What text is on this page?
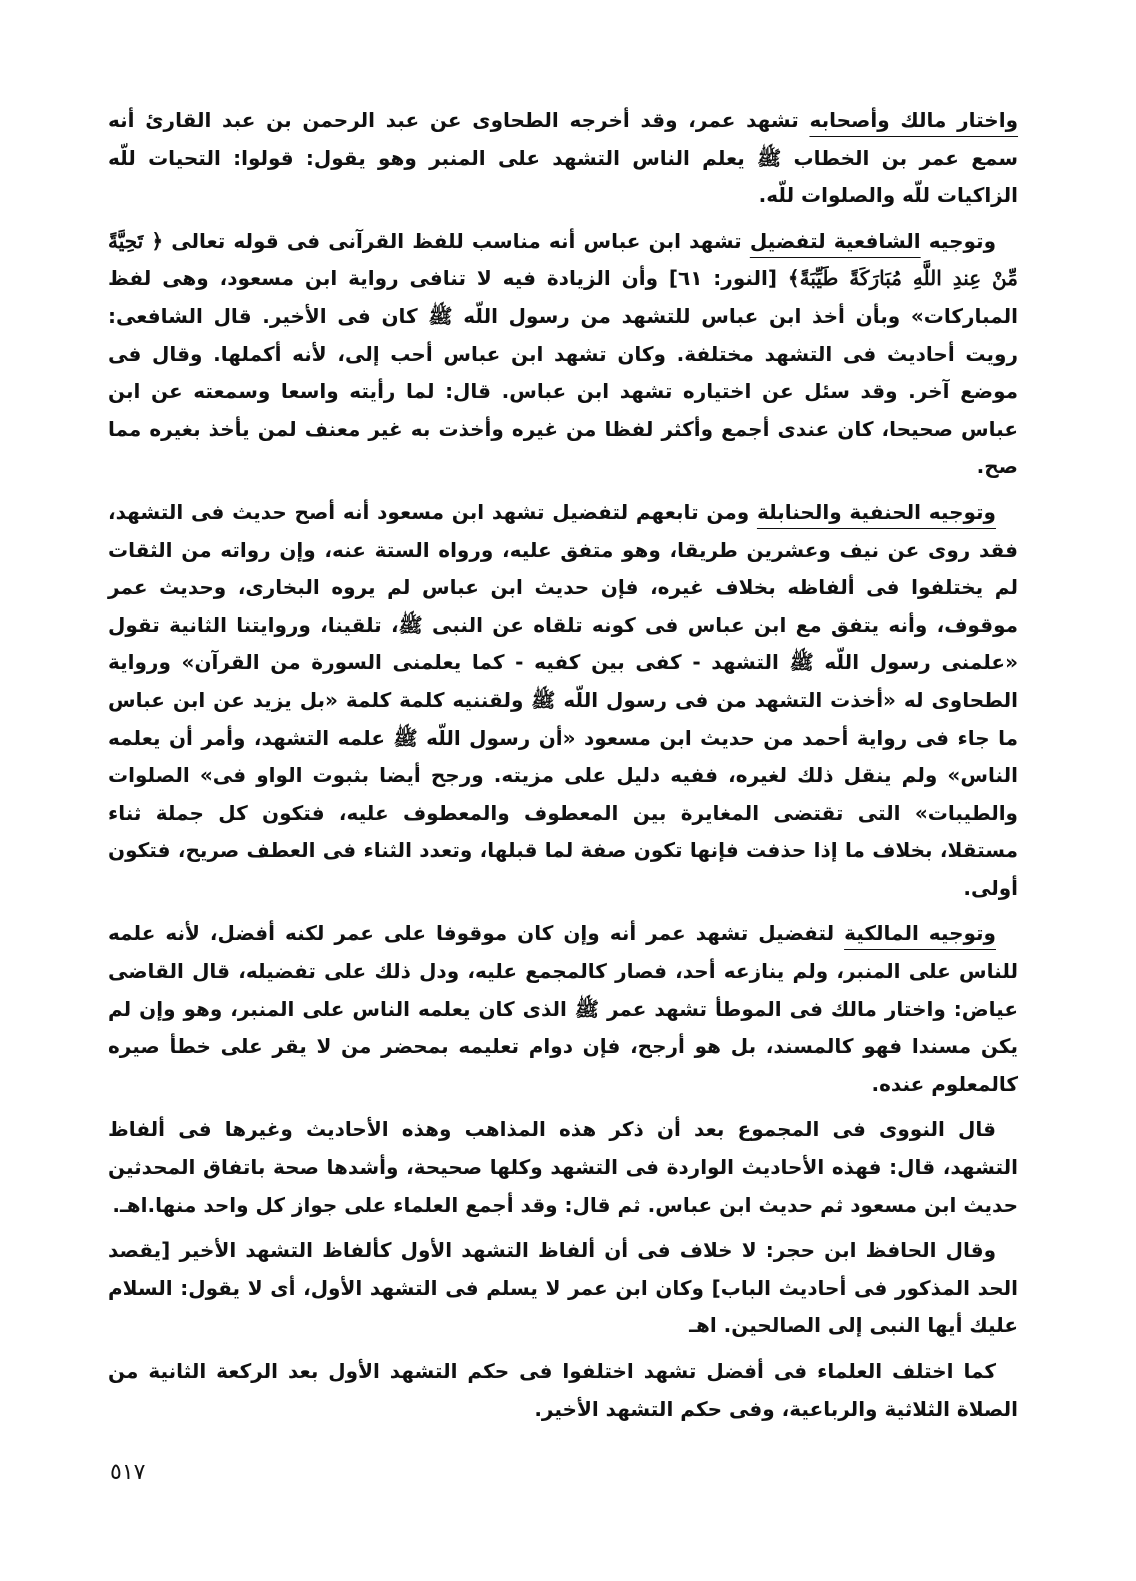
واختار مالك وأصحابه تشهد عمر، وقد أخرجه الطحاوى عن عبد الرحمن بن عبد القارئ أنه سمع عمر بن الخطاب ﷺ يعلم الناس التشهد على المنبر وهو يقول: قولوا: التحيات للّه الزاكيات للّه والصلوات للّه.

وتوجيه الشافعية لتفضيل تشهد ابن عباس أنه مناسب للفظ القرآنى فى قوله تعالى ﴿ تَحِيَّةً مِّنْ عِندِ اللَّهِ مُبَارَكَةً طَيِّبَةً﴾ [النور: ٦١] وأن الزيادة فيه لا تنافى رواية ابن مسعود، وهى لفظ المباركات» وبأن أخذ ابن عباس للتشهد من رسول اللّه ﷺ كان فى الأخير. قال الشافعى: رويت أحاديث فى التشهد مختلفة. وكان تشهد ابن عباس أحب إلى، لأنه أكملها. وقال فى موضع آخر. وقد سئل عن اختياره تشهد ابن عباس. قال: لما رأيته واسعا وسمعته عن ابن عباس صحيحا، كان عندى أجمع وأكثر لفظا من غيره وأخذت به غير معنف لمن يأخذ بغيره مما صح.

وتوجيه الحنفية والحنابلة ومن تابعهم لتفضيل تشهد ابن مسعود أنه أصح حديث فى التشهد، فقد روى عن نيف وعشرين طريقا، وهو متفق عليه، ورواه الستة عنه، وإن رواته من الثقات لم يختلفوا فى ألفاظه بخلاف غيره، فإن حديث ابن عباس لم يروه البخارى، وحديث عمر موقوف، وأنه يتفق مع ابن عباس فى كونه تلقاه عن النبى ﷺ، تلقينا، وروايتنا الثانية تقول «علمنى رسول اللّه ﷺ التشهد - كفى بين كفيه - كما يعلمنى السورة من القرآن» ورواية الطحاوى له «أخذت التشهد من فى رسول اللّه ﷺ ولقننيه كلمة كلمة «بل يزيد عن ابن عباس ما جاء فى رواية أحمد من حديث ابن مسعود «أن رسول اللّه ﷺ علمه التشهد، وأمر أن يعلمه الناس» ولم ينقل ذلك لغيره، ففيه دليل على مزيته. ورجح أيضا بثبوت الواو فى» الصلوات والطيبات» التى تقتضى المغايرة بين المعطوف والمعطوف عليه، فتكون كل جملة ثناء مستقلا، بخلاف ما إذا حذفت فإنها تكون صفة لما قبلها، وتعدد الثناء فى العطف صريح، فتكون أولى.

وتوجيه المالكية لتفضيل تشهد عمر أنه وإن كان موقوفا على عمر لكنه أفضل، لأنه علمه للناس على المنبر، ولم ينازعه أحد، فصار كالمجمع عليه، ودل ذلك على تفضيله، قال القاضى عياض: واختار مالك فى الموطأ تشهد عمر ﷺ الذى كان يعلمه الناس على المنبر، وهو وإن لم يكن مسندا فهو كالمسند، بل هو أرجح، فإن دوام تعليمه بمحضر من لا يقر على خطأ صيره كالمعلوم عنده.

قال النووى فى المجموع بعد أن ذكر هذه المذاهب وهذه الأحاديث وغيرها فى ألفاظ التشهد، قال: فهذه الأحاديث الواردة فى التشهد وكلها صحيحة، وأشدها صحة باتفاق المحدثين حديث ابن مسعود ثم حديث ابن عباس. ثم قال: وقد أجمع العلماء على جواز كل واحد منها.اهـ.

وقال الحافظ ابن حجر: لا خلاف فى أن ألفاظ التشهد الأول كألفاظ التشهد الأخير [يقصد الحد المذكور فى أحاديث الباب] وكان ابن عمر لا يسلم فى التشهد الأول، أى لا يقول: السلام عليك أيها النبى إلى الصالحين. اهـ

كما اختلف العلماء فى أفضل تشهد اختلفوا فى حكم التشهد الأول بعد الركعة الثانية من الصلاة الثلاثية والرباعية، وفى حكم التشهد الأخير.

٥١٧
